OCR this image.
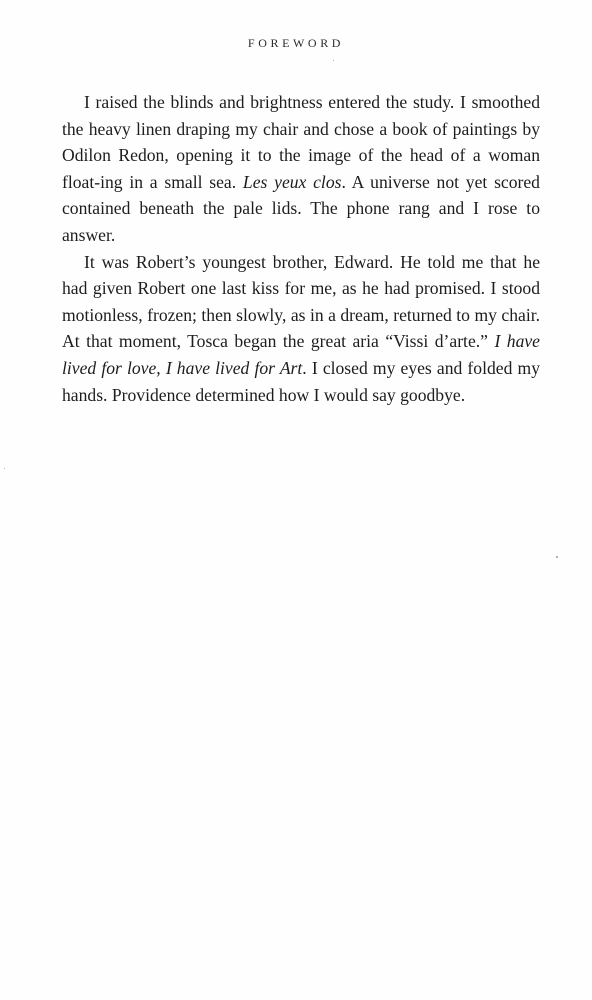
FOREWORD

I raised the blinds and brightness entered the study. I smoothed the heavy linen draping my chair and chose a book of paintings by Odilon Redon, opening it to the image of the head of a woman float-ing in a small sea. Les yeux clos. A universe not yet scored contained beneath the pale lids. The phone rang and I rose to answer.

It was Robert’s youngest brother, Edward. He told me that he had given Robert one last kiss for me, as he had promised. I stood motionless, frozen; then slowly, as in a dream, returned to my chair. At that moment, Tosca began the great aria “Vissi d’arte.” I have lived for love, I have lived for Art. I closed my eyes and folded my hands. Providence determined how I would say goodbye.
